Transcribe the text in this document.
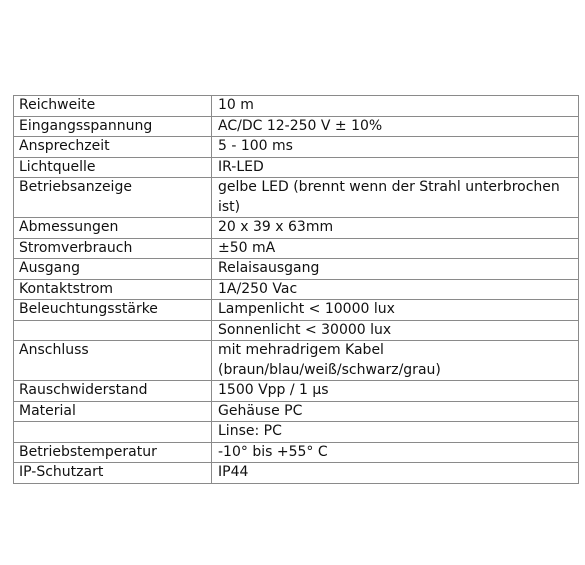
Reichweite	10 m
Eingangsspannung	AC/DC 12-250 V ± 10%
Ansprechzeit	5 - 100 ms
Lichtquelle	IR-LED
Betriebsanzeige	gelbe LED (brennt wenn der Strahl unterbrochen ist)
Abmessungen	20 x 39 x 63mm
Stromverbrauch	±50 mA
Ausgang	Relaisausgang
Kontaktstrom	1A/250 Vac
Beleuchtungsstärke	Lampenlicht < 10000 lux
	Sonnenlicht < 30000 lux
Anschluss	mit mehradrigem Kabel (braun/blau/weiß/schwarz/grau)
Rauschwiderstand	1500 Vpp / 1 µs
Material	Gehäuse PC
	Linse: PC
Betriebstemperatur	-10° bis +55° C
IP-Schutzart	IP44
